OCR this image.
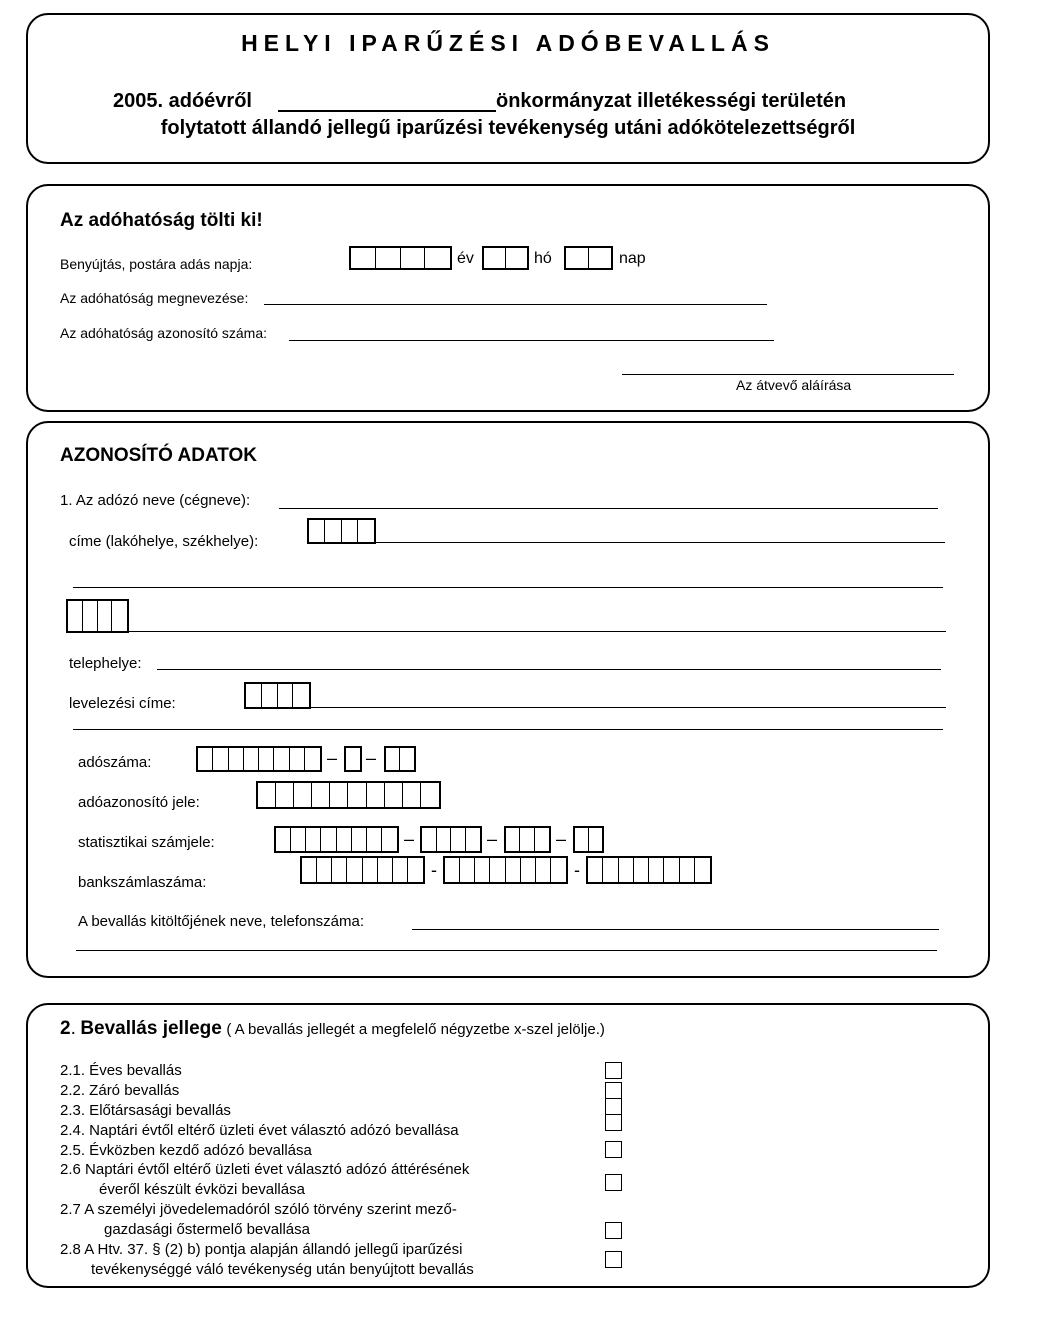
HELYI IPARŰZÉSI ADÓBEVALLÁS
2005. adóévről	önkormányzat illetékességi területén
folytatott állandó jellegű iparűzési tevékenység utáni adókötelezettségről
Az adóhatóság tölti ki!
Benyújtás, postára adás napja:	év	hó	nap
Az adóhatóság megnevezése:
Az adóhatóság azonosító száma:
Az átvevő aláírása
AZONOSÍTÓ ADATOK
1. Az adózó neve (cégneve):
címe (lakóhelye, székhelye):
telephelye:
levelezési címe:
adószáma:	– –
adóazonosító jele:
statisztikai számjele:	–	–	–
bankszámlaszáma:
-	-
A bevallás kitöltőjének neve, telefonszáma:
2. Bevallás jellege ( A bevallás jellegét a megfelelő négyzetbe x-szel jelölje.)
2.1. Éves bevallás
2.2. Záró bevallás
2.3. Előtársasági bevallás
2.4. Naptári évtől eltérő üzleti évet választó adózó bevallása
2.5. Évközben kezdő adózó bevallása
2.6 Naptári évtől eltérő üzleti évet választó adózó áttérésének
éveről készült évközi bevallása
2.7 A személyi jövedelemadóról szóló törvény szerint mező-
gazdasági őstermelő bevallása
2.8 A Htv. 37. § (2) b) pontja alapján állandó jellegű iparűzési
tevékenységgé váló tevékenység után benyújtott bevallás
